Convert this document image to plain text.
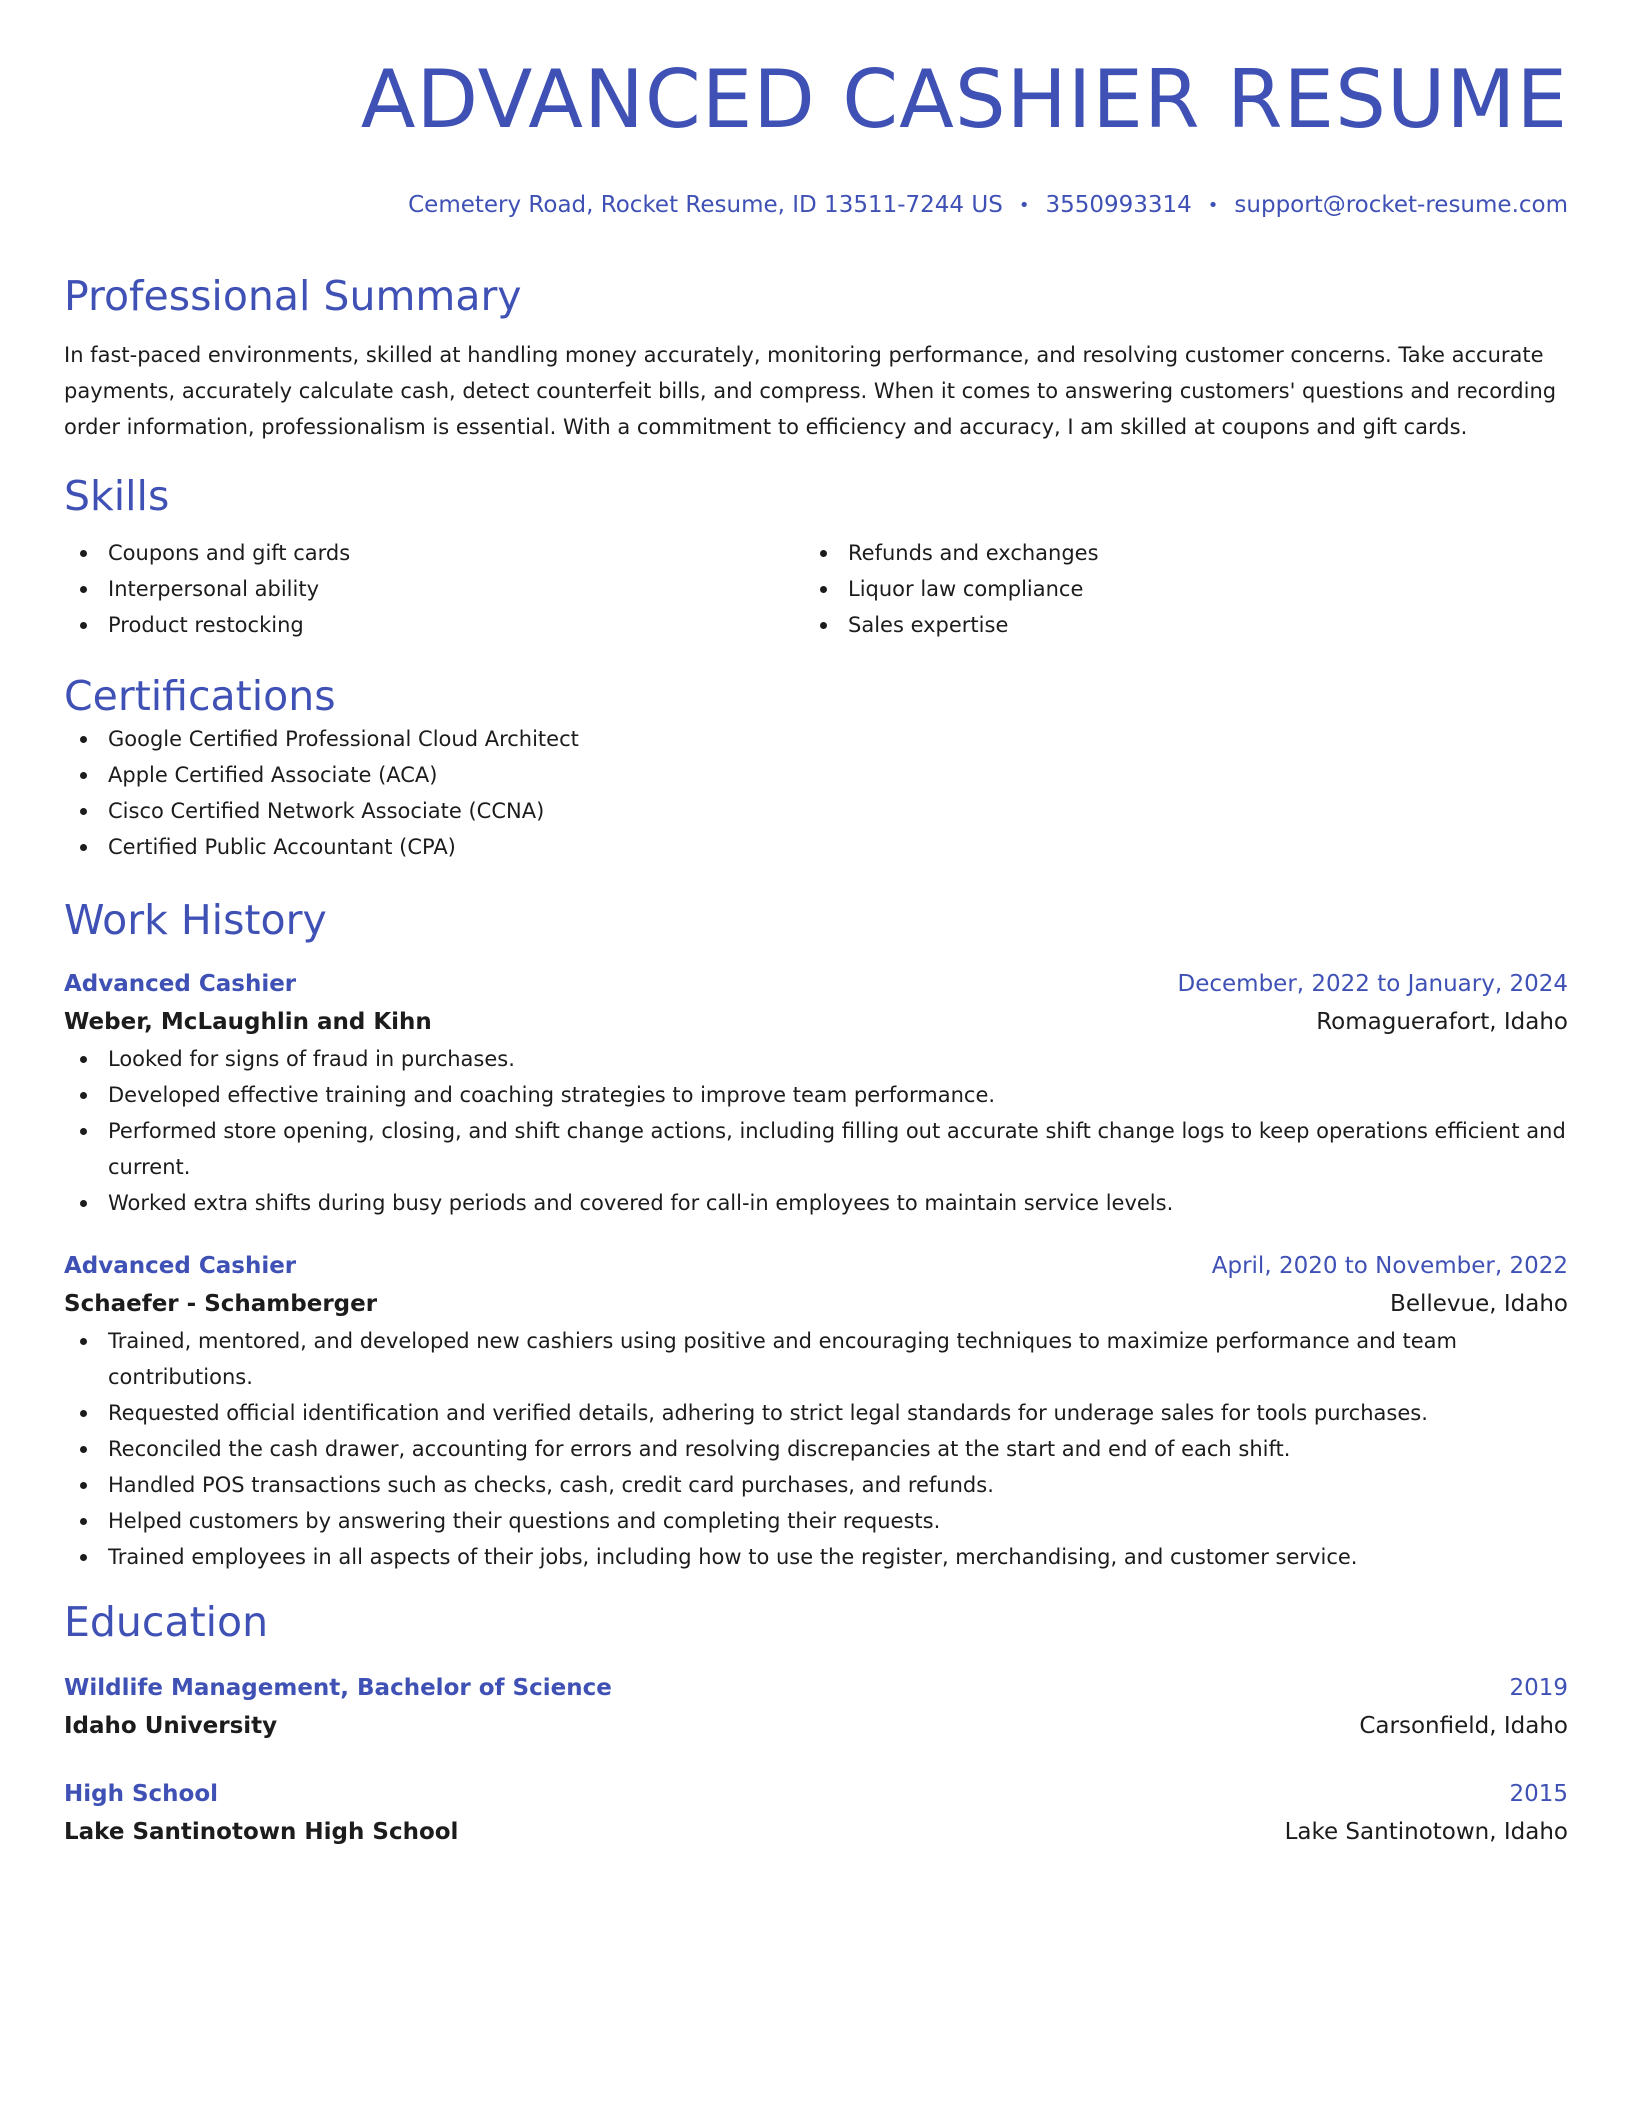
ADVANCED CASHIER RESUME
Cemetery Road, Rocket Resume, ID 13511-7244 US • 3550993314 • support@rocket-resume.com
Professional Summary
In fast-paced environments, skilled at handling money accurately, monitoring performance, and resolving customer concerns. Take accurate payments, accurately calculate cash, detect counterfeit bills, and compress. When it comes to answering customers' questions and recording order information, professionalism is essential. With a commitment to efficiency and accuracy, I am skilled at coupons and gift cards.
Skills
Coupons and gift cards
Interpersonal ability
Product restocking
Refunds and exchanges
Liquor law compliance
Sales expertise
Certifications
Google Certified Professional Cloud Architect
Apple Certified Associate (ACA)
Cisco Certified Network Associate (CCNA)
Certified Public Accountant (CPA)
Work History
Advanced Cashier	December, 2022 to January, 2024
Weber, McLaughlin and Kihn	Romaguerafort, Idaho
Looked for signs of fraud in purchases.
Developed effective training and coaching strategies to improve team performance.
Performed store opening, closing, and shift change actions, including filling out accurate shift change logs to keep operations efficient and current.
Worked extra shifts during busy periods and covered for call-in employees to maintain service levels.
Advanced Cashier	April, 2020 to November, 2022
Schaefer - Schamberger	Bellevue, Idaho
Trained, mentored, and developed new cashiers using positive and encouraging techniques to maximize performance and team contributions.
Requested official identification and verified details, adhering to strict legal standards for underage sales for tools purchases.
Reconciled the cash drawer, accounting for errors and resolving discrepancies at the start and end of each shift.
Handled POS transactions such as checks, cash, credit card purchases, and refunds.
Helped customers by answering their questions and completing their requests.
Trained employees in all aspects of their jobs, including how to use the register, merchandising, and customer service.
Education
Wildlife Management, Bachelor of Science	2019
Idaho University	Carsonfield, Idaho
High School	2015
Lake Santinotown High School	Lake Santinotown, Idaho
